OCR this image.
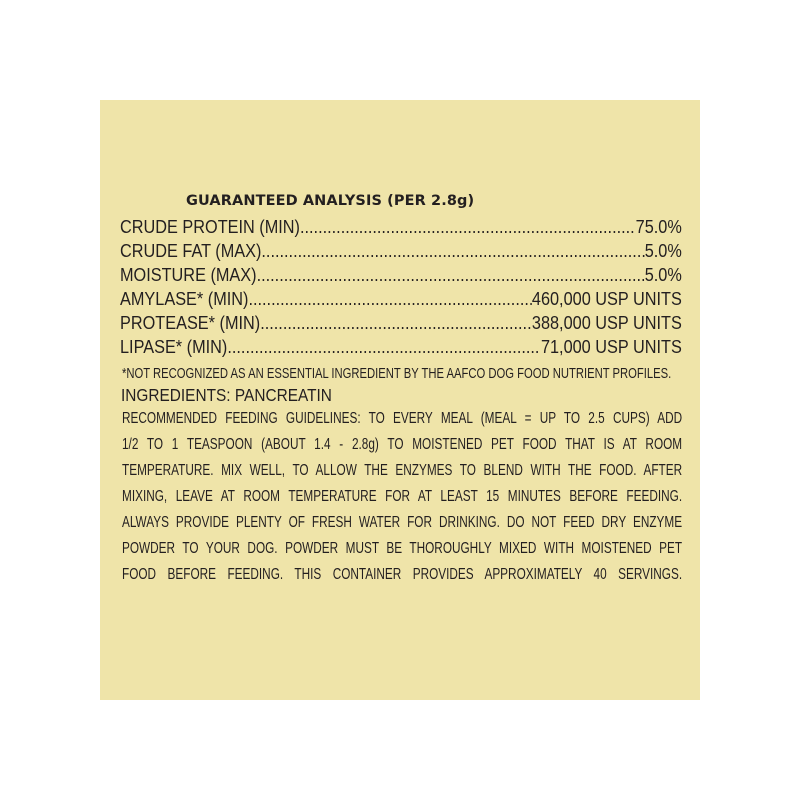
GUARANTEED ANALYSIS (PER 2.8g)
CRUDE PROTEIN (MIN) .....	75.0%
CRUDE FAT (MAX) .....	5.0%
MOISTURE (MAX) .....	5.0%
AMYLASE* (MIN) .....	460,000 USP UNITS
PROTEASE* (MIN) .....	388,000 USP UNITS
LIPASE* (MIN) .....	71,000 USP UNITS
*NOT RECOGNIZED AS AN ESSENTIAL INGREDIENT BY THE AAFCO DOG FOOD NUTRIENT PROFILES.
INGREDIENTS: PANCREATIN
RECOMMENDED FEEDING GUIDELINES: TO EVERY MEAL (MEAL = UP TO 2.5 CUPS) ADD
1/2 TO 1 TEASPOON (ABOUT 1.4 - 2.8g) TO MOISTENED PET FOOD THAT IS AT ROOM
TEMPERATURE. MIX WELL, TO ALLOW THE ENZYMES TO BLEND WITH THE FOOD. AFTER
MIXING, LEAVE AT ROOM TEMPERATURE FOR AT LEAST 15 MINUTES BEFORE FEEDING.
ALWAYS PROVIDE PLENTY OF FRESH WATER FOR DRINKING. DO NOT FEED DRY ENZYME
POWDER TO YOUR DOG. POWDER MUST BE THOROUGHLY MIXED WITH MOISTENED PET
FOOD BEFORE FEEDING. THIS CONTAINER PROVIDES APPROXIMATELY 40 SERVINGS.
